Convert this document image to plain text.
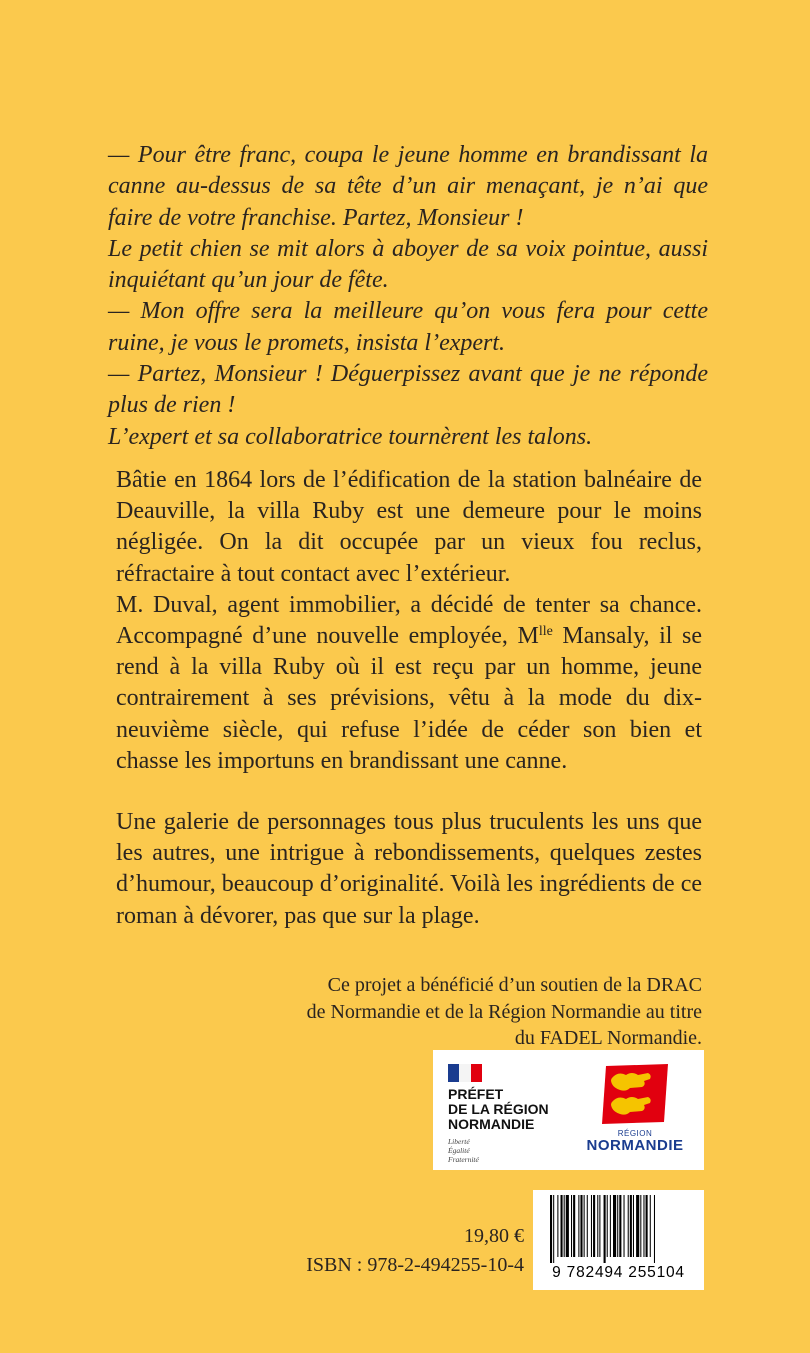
— Pour être franc, coupa le jeune homme en brandissant la canne au-dessus de sa tête d’un air menaçant, je n’ai que faire de votre franchise. Partez, Monsieur !

Le petit chien se mit alors à aboyer de sa voix pointue, aussi inquiétant qu’un jour de fête.

— Mon offre sera la meilleure qu’on vous fera pour cette ruine, je vous le promets, insista l’expert.

— Partez, Monsieur ! Déguerpissez avant que je ne réponde plus de rien !

L’expert et sa collaboratrice tournèrent les talons.

Bâtie en 1864 lors de l’édification de la station balnéaire de Deauville, la villa Ruby est une demeure pour le moins négligée. On la dit occupée par un vieux fou reclus, réfractaire à tout contact avec l’extérieur.

M. Duval, agent immobilier, a décidé de tenter sa chance. Accompagné d’une nouvelle employée, $M^{lle}$ Mansaly, il se rend à la villa Ruby où il est reçu par un homme, jeune contrairement à ses prévisions, vêtu à la mode du dix-neuvième siècle, qui refuse l’idée de céder son bien et chasse les importuns en brandissant une canne.

Une galerie de personnages tous plus truculents les uns que les autres, une intrigue à rebondissements, quelques zestes d’humour, beaucoup d’originalité. Voilà les ingrédients de ce roman à dévorer, pas que sur la plage.

Ce projet a bénéficié d’un soutien de la DRAC
de Normandie et de la Région Normandie au titre
du FADEL Normandie.
PRÉFET
DE LA RÉGION
NORMANDIE
Liberté
Égalité
Fraternité
RÉGION
NORMANDIE
19,80 €
ISBN : 978-2-494255-10-4	9 782494 255104
